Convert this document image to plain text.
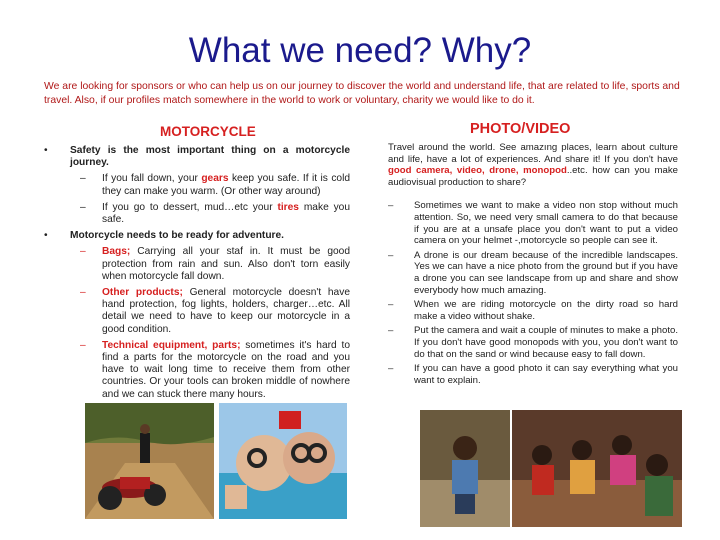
What we need? Why?
We are looking for sponsors or who can help us on our journey to discover the world and understand life, that are related to life, sports and travel. Also, if our profiles match somewhere in the world to work or voluntary, charity we would like to do it.
MOTORCYCLE
• Safety is the most important thing on a motorcycle journey.
– If you fall down, your gears keep you safe. If it is cold they can make you warm. (Or other way around)
– If you go to dessert, mud…etc your tires make you safe.
• Motorcycle needs to be ready for adventure.
– Bags; Carrying all your staf in. It must be good protection from rain and sun. Also don't torn easily when motorcycle fall down.
– Other products; General motorcycle doesn't have hand protection, fog lights, holders, charger…etc. All detail we need to have to keep our motorcycle in a good condition.
– Technical equipment, parts; sometimes it's hard to find a parts for the motorcycle on the road and you have to wait long time to receive them from other countries. Or your tools can broken middle of nowhere and we can stuck there many hours.
PHOTO/VIDEO
Travel around the world. See amazıng places, learn about culture and life, have a lot of experiences. And share it! If you don't have good camera, video, drone, monopod..etc. how can you make audiovisual production to share?
– Sometimes we want to make a video non stop without much attention. So, we need very small camera to do that because if you are at a unsafe place you don't want to put a video camera on your helmet -,motorcycle so people can see it.
– A drone is our dream because of the incredible landscapes. Yes we can have a nice photo from the ground but if you have a drone you can see landscape from up and share and show everybody how much amazing.
– When we are riding motorcycle on the dirty road so hard make a video without shake.
– Put the camera and wait a couple of minutes to make a photo. If you don't have good monopods with you, you don't want to do that on the sand or wind because easy to fall down.
– If you can have a good photo it can say everything what you want to explain.
